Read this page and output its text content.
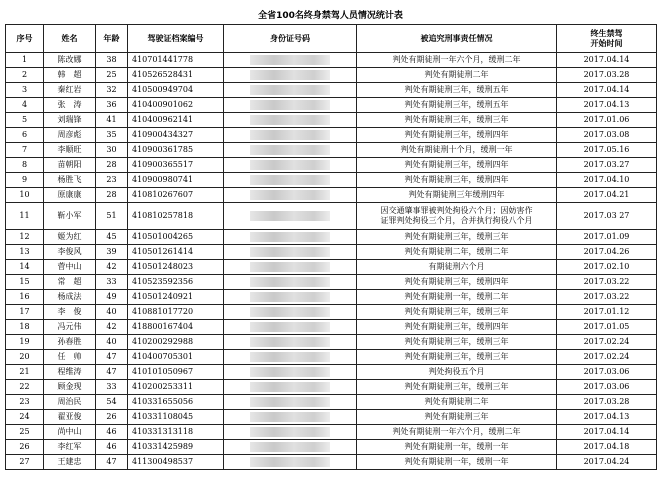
全省100名终身禁驾人员情况统计表
序号	姓名	年龄	驾驶证档案编号	身份证号码	被追究刑事责任情况	终生禁驾
开始时间

1	陈改娜	38	410701441778		判处有期徒刑一年六个月，缓刑二年	2017.04.14
2	韩　超	25	410526528431		判处有期徒刑二年	2017.03.28
3	秦红岩	32	410500949704		判处有期徒刑三年，缓刑五年	2017.04.14
4	张　涛	36	410400901062		判处有期徒刑三年，缓刑五年	2017.04.13
5	刘瑞锋	41	410400962141		判处有期徒刑三年，缓刑三年	2017.01.06
6	周彦彪	35	410900434327		判处有期徒刑三年，缓刑四年	2017.03.08
7	李顺旺	30	410900361785		判处有期徒刑十个月，缓刑一年	2017.05.16
8	苗朝阳	28	410900365517		判处有期徒刑三年，缓刑四年	2017.03.27
9	杨胜飞	23	410900980741		判处有期徒刑三年，缓刑四年	2017.04.10
10	原康康	28	410810267607		判处有期徒刑三年缓刑四年	2017.04.21
11	靳小军	51	410810257818		因交通肇事罪被判处拘役六个月；因妨害作
证罪判处拘役三个月，合并执行拘役八个月	2017.03 27
12	姬为红	45	410501004265		判处有期徒刑三年，缓刑三年	2017.01.09
13	李俊风	39	410501261414		判处有期徒刑二年，缓刑二年	2017.04.26
14	菅中山	42	410501248023		有期徒刑六个月	2017.02.10
15	常　超	33	410523592356		判处有期徒刑三年，缓刑四年	2017.03.22
16	杨成法	49	410501240921		判处有期徒刑一年，缓刑二年	2017.03.22
17	李　俊	40	410881017720		判处有期徒刑三年，缓刑三年	2017.01.12
18	冯元伟	42	418800167404		判处有期徒刑三年，缓刑四年	2017.01.05
19	孙春胜	40	410200292988		判处有期徒刑三年，缓刑三年	2017.02.24
20	任　帅	47	410400705301		判处有期徒刑三年，缓刑三年	2017.02.24
21	程维涛	47	410101050967		判处拘役五个月	2017.03.06
22	顾金现	33	410200253311		判处有期徒刑三年，缓刑三年	2017.03.06
23	周治民	54	410331655056		判处有期徒刑二年	2017.03.28
24	翟亚俊	26	410331108045		判处有期徒刑三年	2017.04.13
25	尚中山	46	410331313118		判处有期徒刑一年六个月，缓刑二年	2017.04.14
26	李红军	46	410331425989		判处有期徒刑一年，缓刑一年	2017.04.18
27	王建忠	47	411300498537		判处有期徒刑一年，缓刑一年	2017.04.24
